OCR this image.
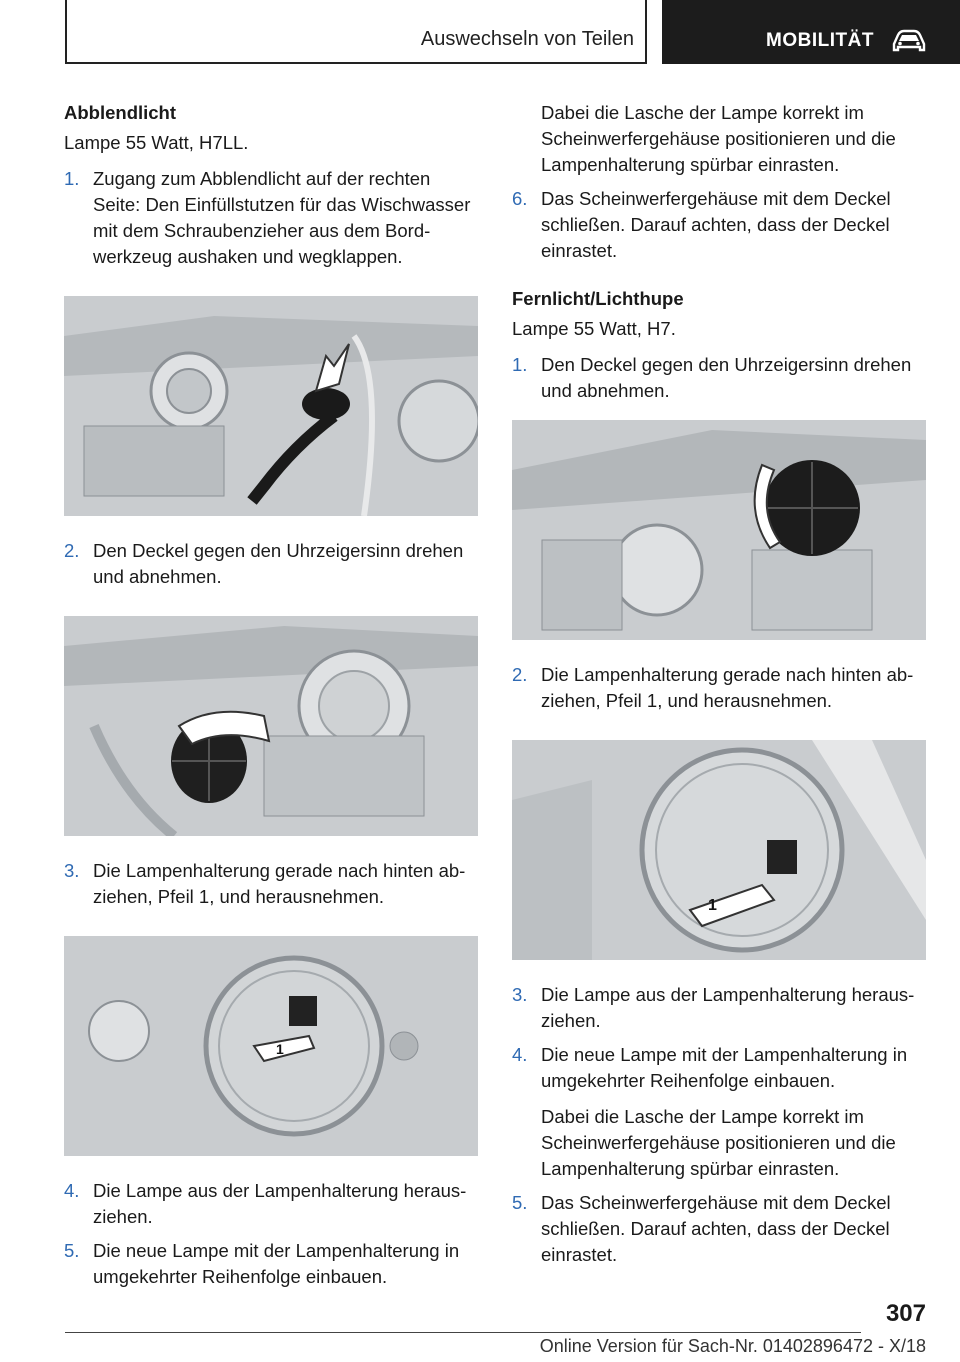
Auswechseln von Teilen	MOBILITÄT
Abblendlicht
Lampe 55 Watt, H7LL.
1. Zugang zum Abblendlicht auf der rechten Seite: Den Einfüllstutzen für das Wischwasser mit dem Schraubenzieher aus dem Bordwerkzeug aushaken und wegklappen.
2. Den Deckel gegen den Uhrzeigersinn drehen und abnehmen.
3. Die Lampenhalterung gerade nach hinten abziehen, Pfeil 1, und herausnehmen.
1
4. Die Lampe aus der Lampenhalterung herausziehen.
5. Die neue Lampe mit der Lampenhalterung in umgekehrter Reihenfolge einbauen.
Dabei die Lasche der Lampe korrekt im Scheinwerfergehäuse positionieren und die Lampenhalterung spürbar einrasten.
6. Das Scheinwerfergehäuse mit dem Deckel schließen. Darauf achten, dass der Deckel einrastet.
Fernlicht/Lichthupe
Lampe 55 Watt, H7.
1. Den Deckel gegen den Uhrzeigersinn drehen und abnehmen.
2. Die Lampenhalterung gerade nach hinten abziehen, Pfeil 1, und herausnehmen.
1
3. Die Lampe aus der Lampenhalterung herausziehen.
4. Die neue Lampe mit der Lampenhalterung in umgekehrter Reihenfolge einbauen.
Dabei die Lasche der Lampe korrekt im Scheinwerfergehäuse positionieren und die Lampenhalterung spürbar einrasten.
5. Das Scheinwerfergehäuse mit dem Deckel schließen. Darauf achten, dass der Deckel einrastet.
307
Online Version für Sach-Nr. 01402896472 - X/18
